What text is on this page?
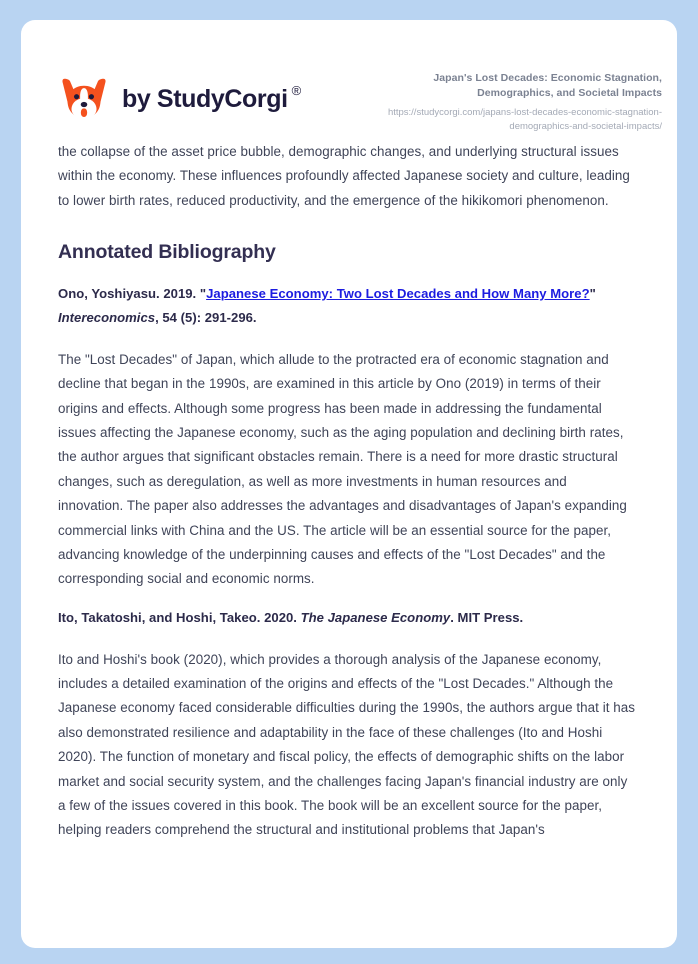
by StudyCorgi ®
Japan's Lost Decades: Economic Stagnation, Demographics, and Societal Impacts
https://studycorgi.com/japans-lost-decades-economic-stagnation-demographics-and-societal-impacts/

the collapse of the asset price bubble, demographic changes, and underlying structural issues within the economy. These influences profoundly affected Japanese society and culture, leading to lower birth rates, reduced productivity, and the emergence of the hikikomori phenomenon.

Annotated Bibliography

Ono, Yoshiyasu. 2019. "Japanese Economy: Two Lost Decades and How Many More?" Intereconomics, 54 (5): 291-296.

The "Lost Decades" of Japan, which allude to the protracted era of economic stagnation and decline that began in the 1990s, are examined in this article by Ono (2019) in terms of their origins and effects. Although some progress has been made in addressing the fundamental issues affecting the Japanese economy, such as the aging population and declining birth rates, the author argues that significant obstacles remain. There is a need for more drastic structural changes, such as deregulation, as well as more investments in human resources and innovation. The paper also addresses the advantages and disadvantages of Japan's expanding commercial links with China and the US. The article will be an essential source for the paper, advancing knowledge of the underpinning causes and effects of the "Lost Decades" and the corresponding social and economic norms.

Ito, Takatoshi, and Hoshi, Takeo. 2020. The Japanese Economy. MIT Press.

Ito and Hoshi's book (2020), which provides a thorough analysis of the Japanese economy, includes a detailed examination of the origins and effects of the "Lost Decades." Although the Japanese economy faced considerable difficulties during the 1990s, the authors argue that it has also demonstrated resilience and adaptability in the face of these challenges (Ito and Hoshi 2020). The function of monetary and fiscal policy, the effects of demographic shifts on the labor market and social security system, and the challenges facing Japan's financial industry are only a few of the issues covered in this book. The book will be an excellent source for the paper, helping readers comprehend the structural and institutional problems that Japan's
